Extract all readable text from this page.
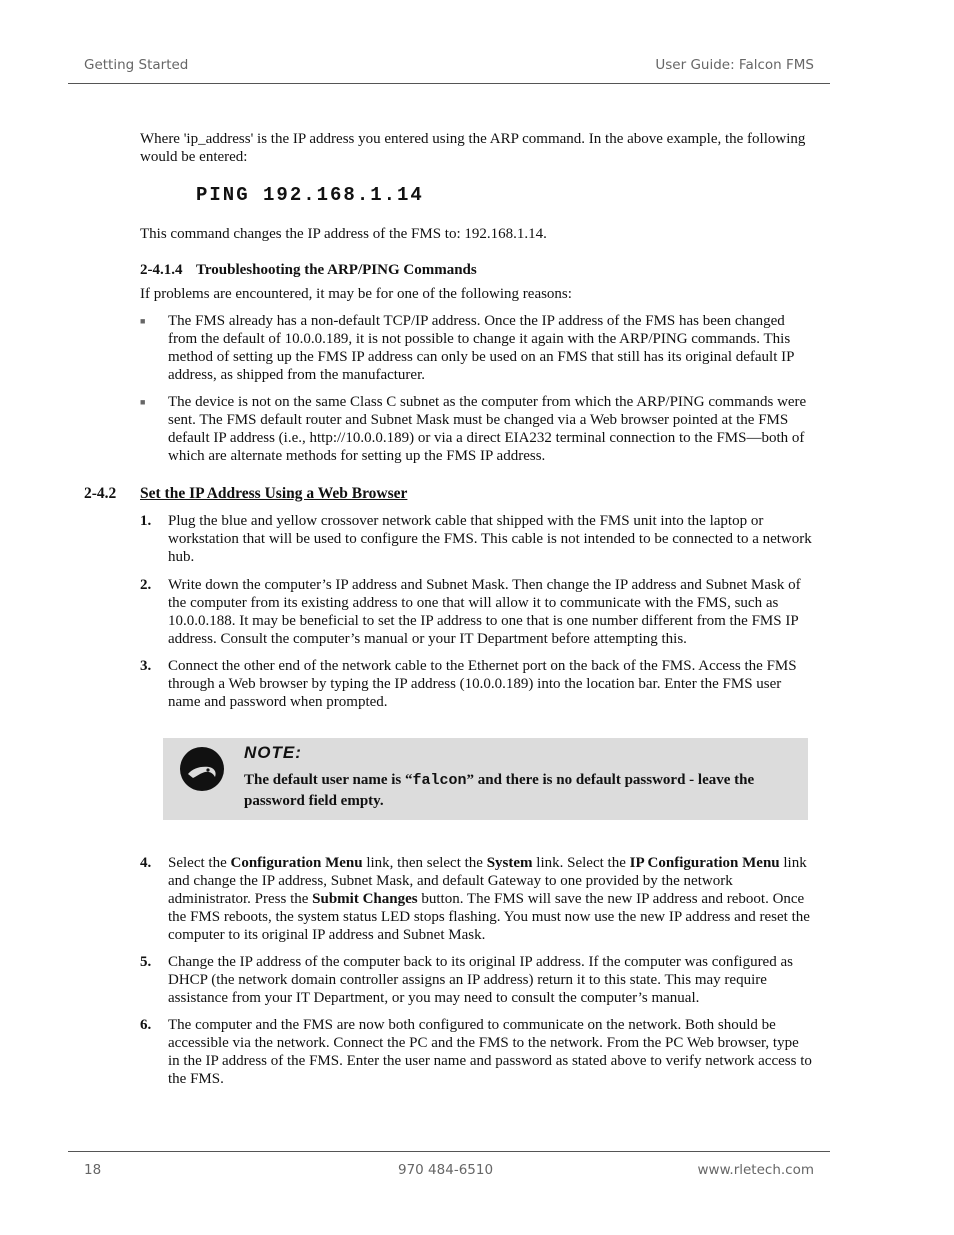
Getting Started	User Guide: Falcon FMS

Where 'ip_address' is the IP address you entered using the ARP command. In the above example, the following would be entered:

PING 192.168.1.14

This command changes the IP address of the FMS to: 192.168.1.14.

2-4.1.4 Troubleshooting the ARP/PING Commands

If problems are encountered, it may be for one of the following reasons:

■ The FMS already has a non-default TCP/IP address. Once the IP address of the FMS has been changed from the default of 10.0.0.189, it is not possible to change it again with the ARP/PING commands. This method of setting up the FMS IP address can only be used on an FMS that still has its original default IP address, as shipped from the manufacturer.
■ The device is not on the same Class C subnet as the computer from which the ARP/PING commands were sent. The FMS default router and Subnet Mask must be changed via a Web browser pointed at the FMS default IP address (i.e., http://10.0.0.189) or via a direct EIA232 terminal connection to the FMS—both of which are alternate methods for setting up the FMS IP address.
2-4.2 Set the IP Address Using a Web Browser
1. Plug the blue and yellow crossover network cable that shipped with the FMS unit into the laptop or workstation that will be used to configure the FMS. This cable is not intended to be connected to a network hub.
2. Write down the computer’s IP address and Subnet Mask. Then change the IP address and Subnet Mask of the computer from its existing address to one that will allow it to communicate with the FMS, such as 10.0.0.188. It may be beneficial to set the IP address to one that is one number different from the FMS IP address. Consult the computer’s manual or your IT Department before attempting this.
3. Connect the other end of the network cable to the Ethernet port on the back of the FMS. Access the FMS through a Web browser by typing the IP address (10.0.0.189) into the location bar. Enter the FMS user name and password when prompted.
NOTE:
The default user name is “falcon” and there is no default password - leave the password field empty.
4. Select the Configuration Menu link, then select the System link. Select the IP Configuration Menu link and change the IP address, Subnet Mask, and default Gateway to one provided by the network administrator. Press the Submit Changes button. The FMS will save the new IP address and reboot. Once the FMS reboots, the system status LED stops flashing. You must now use the new IP address and reset the computer to its original IP address and Subnet Mask.
5. Change the IP address of the computer back to its original IP address. If the computer was configured as DHCP (the network domain controller assigns an IP address) return it to this state. This may require assistance from your IT Department, or you may need to consult the computer’s manual.
6. The computer and the FMS are now both configured to communicate on the network. Both should be accessible via the network. Connect the PC and the FMS to the network. From the PC Web browser, type in the IP address of the FMS. Enter the user name and password as stated above to verify network access to the FMS.
18	970 484-6510	www.rletech.com
